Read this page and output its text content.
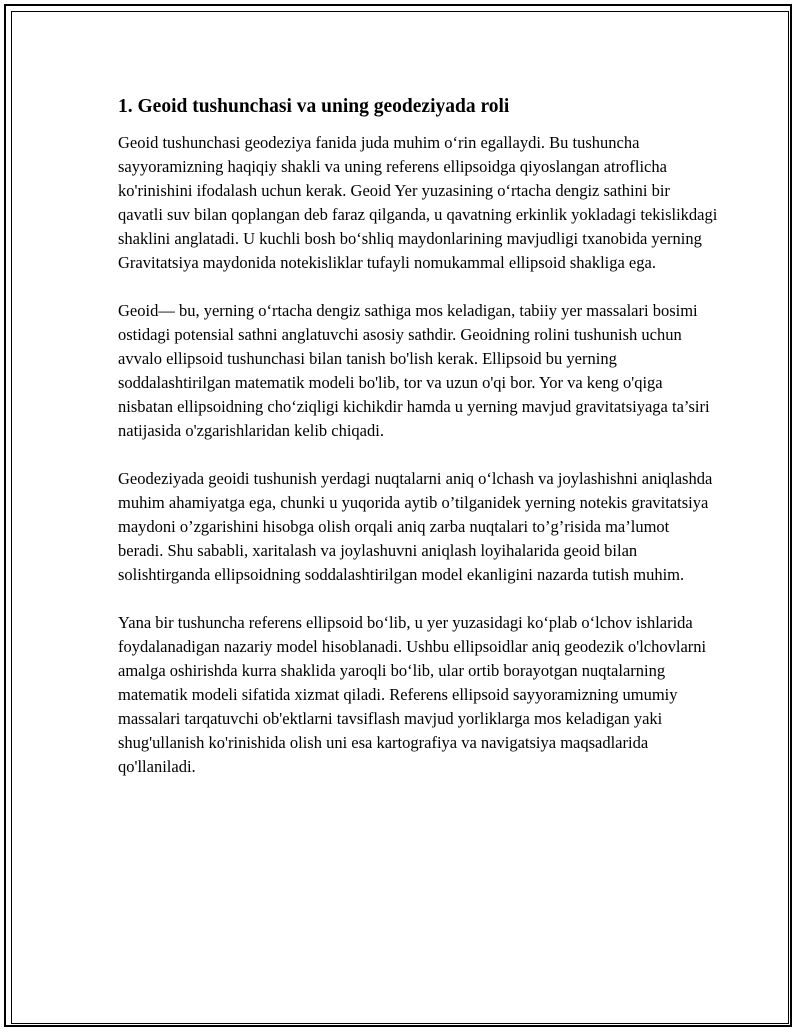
1. Geoid tushunchasi va uning geodeziyada roli

Geoid tushunchasi geodeziya fanida juda muhim o‘rin egallaydi. Bu tushuncha sayyoramizning haqiqiy shakli va uning referens ellipsoidga qiyoslangan atroflicha ko'rinishini ifodalash uchun kerak. Geoid Yer yuzasining o‘rtacha dengiz sathini bir qavatli suv bilan qoplangan deb faraz qilganda, u qavatning erkinlik yokladagi tekislikdagi shaklini anglatadi. U kuchli bosh bo‘shliq maydonlarining mavjudligi txanobida yerning Gravitatsiya maydonida notekisliklar tufayli nomukammal ellipsoid shakliga ega.

Geoid— bu, yerning o‘rtacha dengiz sathiga mos keladigan, tabiiy yer massalari bosimi ostidagi potensial sathni anglatuvchi asosiy sathdir. Geoidning rolini tushunish uchun avvalo ellipsoid tushunchasi bilan tanish bo'lish kerak. Ellipsoid bu yerning soddalashtirilgan matematik modeli bo'lib, tor va uzun o'qi bor. Yor va keng o'qiga nisbatan ellipsoidning cho‘ziqligi kichikdir hamda u yerning mavjud gravitatsiyaga ta’siri natijasida o'zgarishlaridan kelib chiqadi.

Geodeziyada geoidi tushunish yerdagi nuqtalarni aniq o‘lchash va joylashishni aniqlashda muhim ahamiyatga ega, chunki u yuqorida aytib o’tilganidek yerning notekis gravitatsiya maydoni o’zgarishini hisobga olish orqali aniq zarba nuqtalari to’g’risida ma’lumot beradi. Shu sababli, xaritalash va joylashuvni aniqlash loyihalarida geoid bilan solishtirganda ellipsoidning soddalashtirilgan model ekanligini nazarda tutish muhim.

Yana bir tushuncha referens ellipsoid bo‘lib, u yer yuzasidagi ko‘plab o‘lchov ishlarida foydalanadigan nazariy model hisoblanadi. Ushbu ellipsoidlar aniq geodezik o'lchovlarni amalga oshirishda kurra shaklida yaroqli bo‘lib, ular ortib borayotgan nuqtalarning matematik modeli sifatida xizmat qiladi. Referens ellipsoid sayyoramizning umumiy massalari tarqatuvchi ob'ektlarni tavsiflash mavjud yorliklarga mos keladigan yaki shug'ullanish ko'rinishida olish uni esa kartografiya va navigatsiya maqsadlarida qo'llaniladi.
